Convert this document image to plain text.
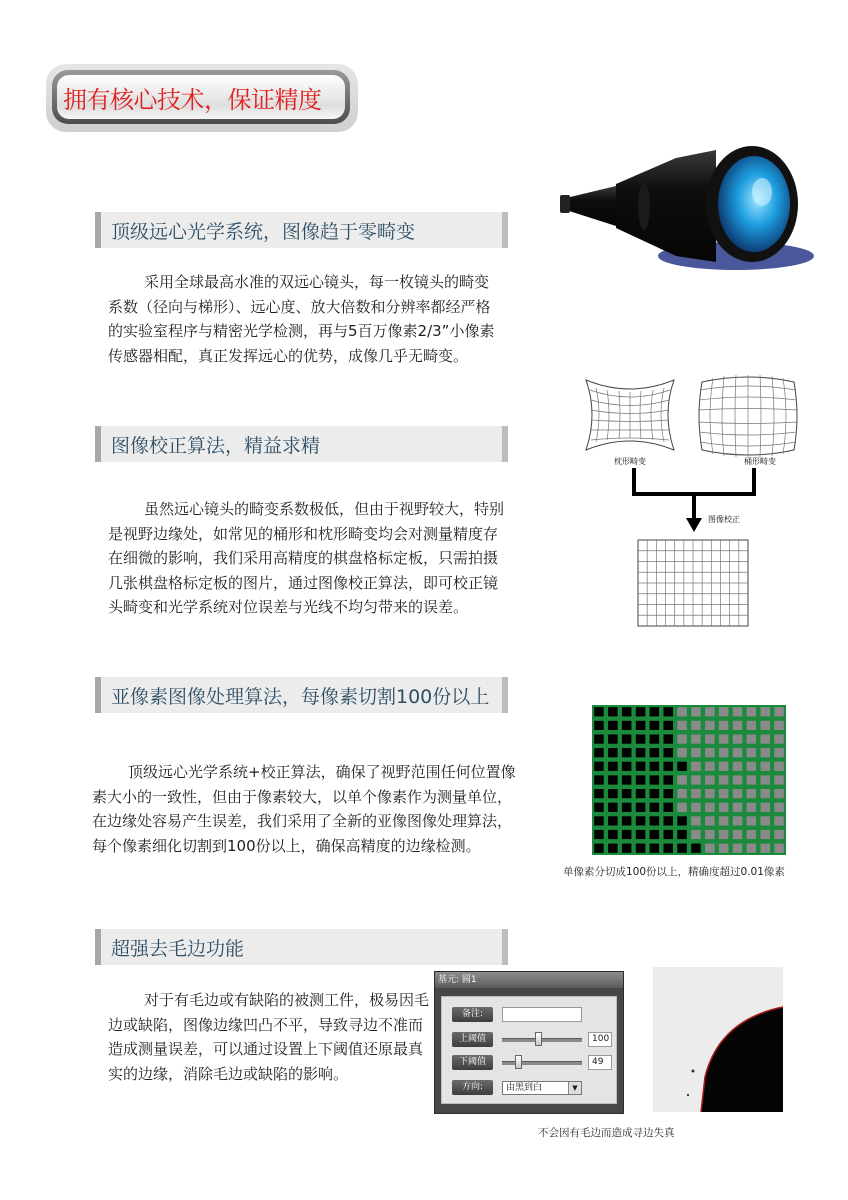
拥有核心技术，保证精度
顶级远心光学系统，图像趋于零畸变

采用全球最高水准的双远心镜头，每一枚镜头的畸变系数（径向与梯形）、远心度、放大倍数和分辨率都经严格的实验室程序与精密光学检测，再与5百万像素2/3”小像素传感器相配，真正发挥远心的优势，成像几乎无畸变。

枕形畸变	桶形畸变
图像校正
图像校正算法，精益求精

虽然远心镜头的畸变系数极低，但由于视野较大，特别是视野边缘处，如常见的桶形和枕形畸变均会对测量精度存在细微的影响，我们采用高精度的棋盘格标定板，只需拍摄几张棋盘格标定板的图片，通过图像校正算法，即可校正镜头畸变和光学系统对位误差与光线不均匀带来的误差。

亚像素图像处理算法，每像素切割100份以上

顶级远心光学系统+校正算法，确保了视野范围任何位置像素大小的一致性，但由于像素较大，以单个像素作为测量单位，在边缘处容易产生误差，我们采用了全新的亚像图像处理算法，每个像素细化切割到100份以上，确保高精度的边缘检测。

单像素分切成100份以上，精确度超过0.01像素
超强去毛边功能

对于有毛边或有缺陷的被测工件，极易因毛边或缺陷，图像边缘凹凸不平，导致寻边不准而造成测量误差，可以通过设置上下阈值还原最真实的边缘，消除毛边或缺陷的影响。

基元: 圆1
备注:
上阈值	100
下阈值	49
方向:	由黑到白	▼
不会因有毛边而造成寻边失真
